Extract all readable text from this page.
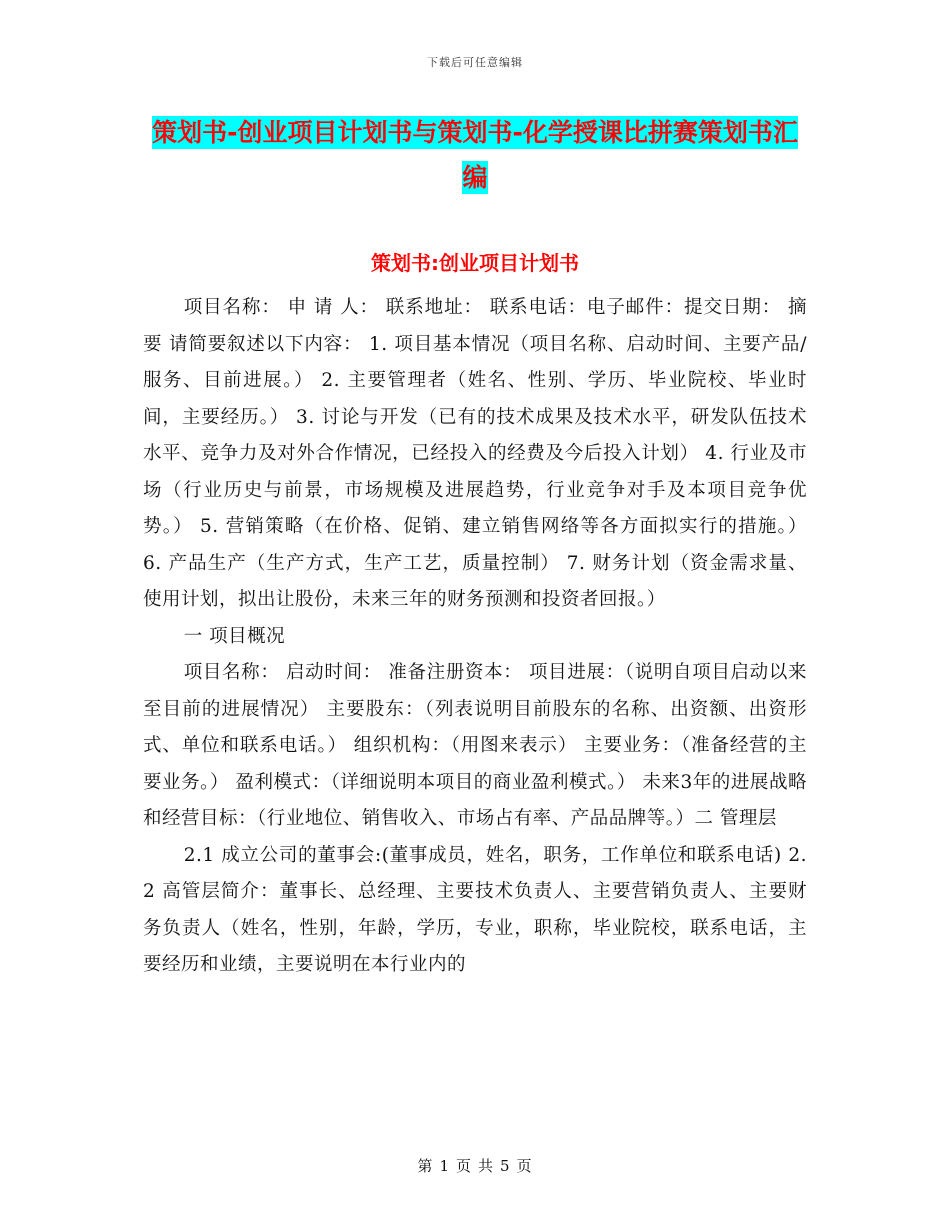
下载后可任意编辑
策划书-创业项目计划书与策划书-化学授课比拼赛策划书汇编
策划书:创业项目计划书

项目名称： 申 请 人： 联系地址： 联系电话：电子邮件：提交日期： 摘 要 请简要叙述以下内容： 1. 项目基本情况（项目名称、启动时间、主要产品/服务、目前进展。） 2. 主要管理者（姓名、性别、学历、毕业院校、毕业时间，主要经历。） 3. 讨论与开发（已有的技术成果及技术水平，研发队伍技术水平、竞争力及对外合作情况，已经投入的经费及今后投入计划） 4. 行业及市场（行业历史与前景，市场规模及进展趋势，行业竞争对手及本项目竞争优势。） 5. 营销策略（在价格、促销、建立销售网络等各方面拟实行的措施。） 6. 产品生产（生产方式，生产工艺，质量控制） 7. 财务计划（资金需求量、使用计划，拟出让股份，未来三年的财务预测和投资者回报。）

一 项目概况

项目名称： 启动时间： 准备注册资本： 项目进展：（说明自项目启动以来至目前的进展情况） 主要股东：（列表说明目前股东的名称、出资额、出资形式、单位和联系电话。） 组织机构：（用图来表示） 主要业务：（准备经营的主要业务。） 盈利模式：（详细说明本项目的商业盈利模式。） 未来3年的进展战略和经营目标：（行业地位、销售收入、市场占有率、产品品牌等。）二 管理层

2.1 成立公司的董事会:(董事成员，姓名，职务，工作单位和联系电话) 2.2 高管层简介：董事长、总经理、主要技术负责人、主要营销负责人、主要财务负责人（姓名，性别，年龄，学历，专业，职称，毕业院校，联系电话，主要经历和业绩，主要说明在本行业内的

第 1 页 共 5 页
